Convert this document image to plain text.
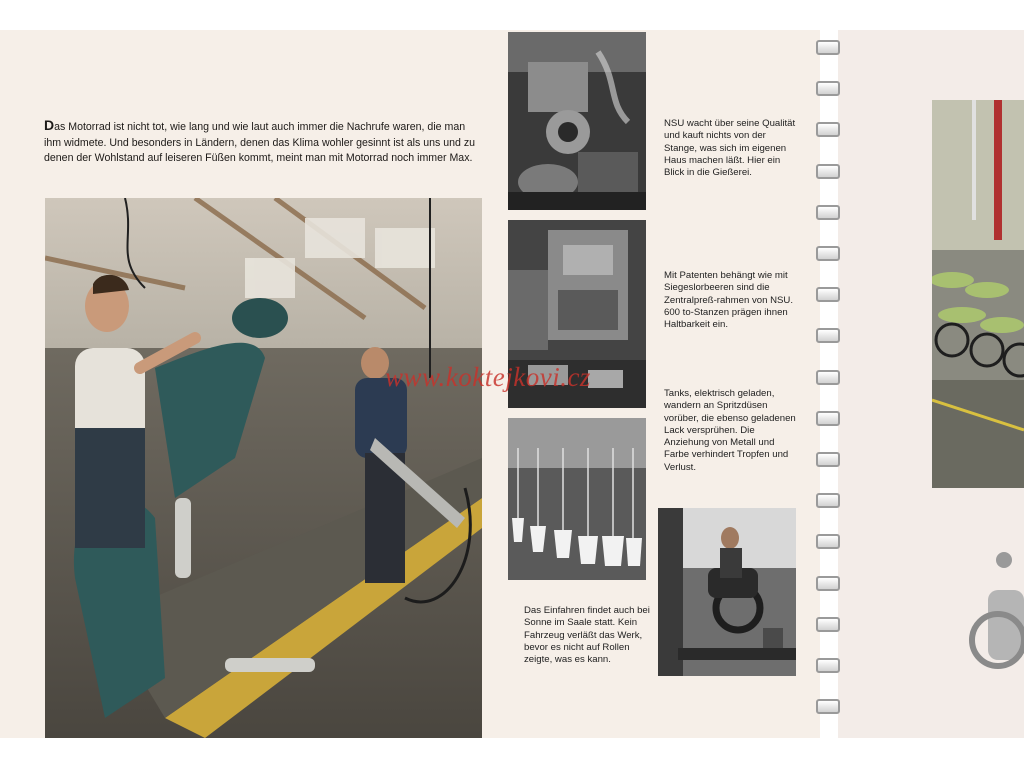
Das Motorrad ist nicht tot, wie lang und wie laut auch immer die Nachrufe waren, die man ihm widmete. Und besonders in Ländern, denen das Klima wohler gesinnt ist als uns und zu denen der Wohlstand auf leiseren Füßen kommt, meint man mit Motorrad noch immer Max.

NSU wacht über seine Qualität und kauft nichts von der Stange, was sich im eigenen Haus machen läßt. Hier ein Blick in die Gießerei.

Mit Patenten behängt wie mit Siegeslorbeeren sind die Zentralpreß-rahmen von NSU. 600 to-Stanzen prägen ihnen Haltbarkeit ein.

Tanks, elektrisch geladen, wandern an Spritzdüsen vorüber, die ebenso geladenen Lack versprühen. Die Anziehung von Metall und Farbe verhindert Tropfen und Verlust.

Das Einfahren findet auch bei Sonne im Saale statt. Kein Fahrzeug verläßt das Werk, bevor es nicht auf Rollen zeigte, was es kann.

www.koktejkovi.cz
